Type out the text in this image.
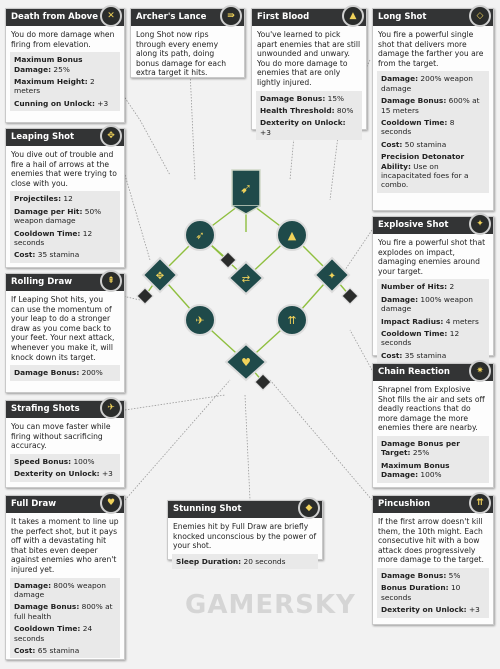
➹
➶	▲
✥	✦
⇄
✈	⇈
♥
Death from Above	✕
You do more damage when firing from elevation.
Maximum Bonus Damage: 25%
Maximum Height: 2 meters
Cunning on Unlock: +3
Archer's Lance	⇛
Long Shot now rips through every enemy along its path, doing bonus damage for each extra target it hits.
First Blood	▲
You've learned to pick apart enemies that are still unwounded and unwary. You do more damage to enemies that are only lightly injured.
Damage Bonus: 15%
Health Threshold: 80%
Dexterity on Unlock: +3
Long Shot	◇
You fire a powerful single shot that delivers more damage the farther you are from the target.
Damage: 200% weapon damage
Damage Bonus: 600% at 15 meters
Cooldown Time: 8 seconds
Cost: 50 stamina
Precision Detonator Ability: Use on incapacitated foes for a combo.
Leaping Shot	✥
You dive out of trouble and fire a hail of arrows at the enemies that were trying to close with you.
Projectiles: 12
Damage per Hit: 50% weapon damage
Cooldown Time: 12 seconds
Cost: 35 stamina
Explosive Shot	✦
You fire a powerful shot that explodes on impact, damaging enemies around your target.
Number of Hits: 2
Damage: 100% weapon damage
Impact Radius: 4 meters
Cooldown Time: 12 seconds
Cost: 35 stamina
Rolling Draw	⇞
If Leaping Shot hits, you can use the momentum of your leap to do a stronger draw as you come back to your feet. Your next attack, whenever you make it, will knock down its target.
Damage Bonus: 200%	Chain Reaction	✷
Shrapnel from Explosive Shot fills the air and sets off deadly reactions that do more damage the more enemies there are nearby.
Damage Bonus per Target: 25%
Maximum Bonus Damage: 100%
Strafing Shots	✈
You can move faster while firing without sacrificing accuracy.
Speed Bonus: 100%
Dexterity on Unlock: +3
Full Draw	♥
It takes a moment to line up the perfect shot, but it pays off with a devastating hit that bites even deeper against enemies who aren't injured yet.
Damage: 800% weapon damage
Damage Bonus: 800% at full health
Cooldown Time: 24 seconds
Cost: 65 stamina
Stunning Shot	◆
Enemies hit by Full Draw are briefly knocked unconscious by the power of your shot.
Sleep Duration: 20 seconds
Pincushion	⇈
If the first arrow doesn't kill them, the 10th might. Each consecutive hit with a bow attack does progressively more damage to the target.
Damage Bonus: 5%
Bonus Duration: 10 seconds
Dexterity on Unlock: +3
GAMERSKY
